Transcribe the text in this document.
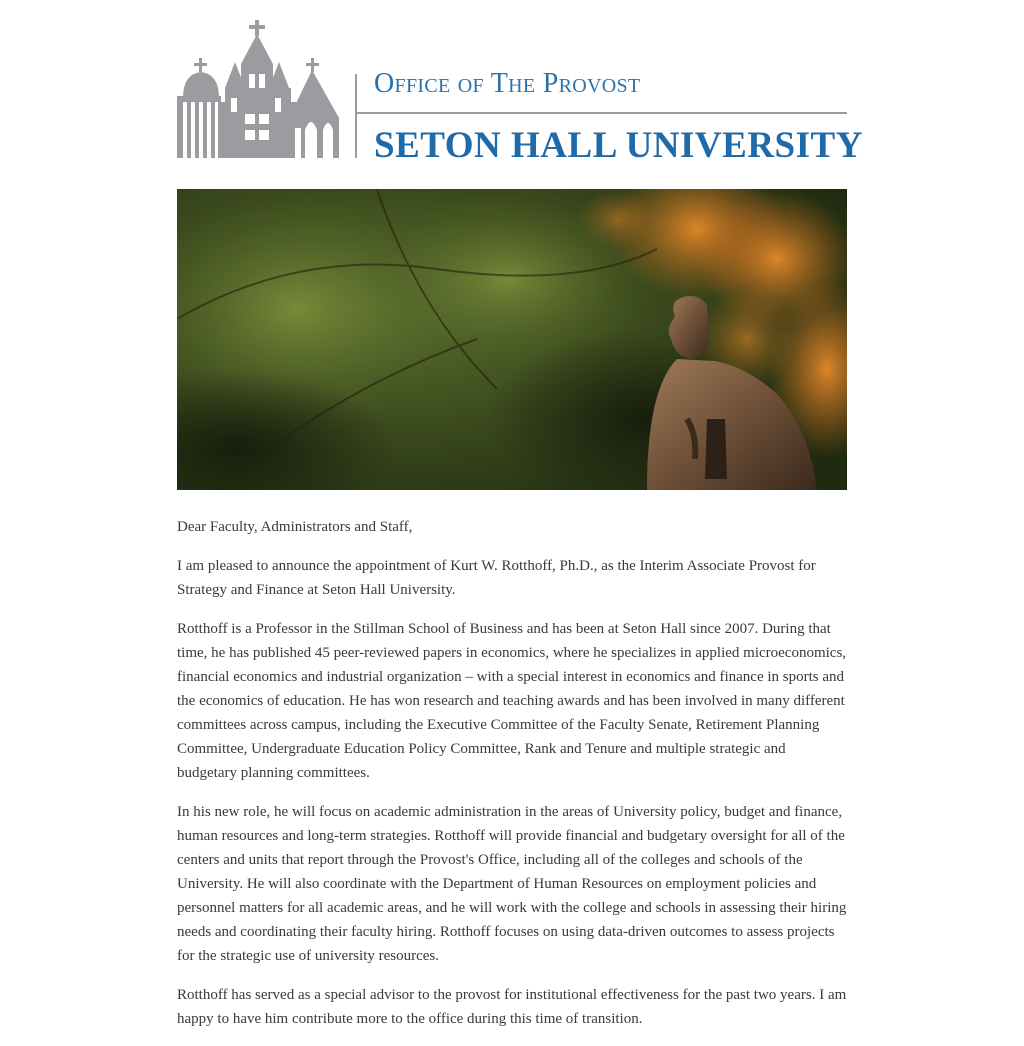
Office of The Provost
SETON HALL UNIVERSITY

Dear Faculty, Administrators and Staff,

I am pleased to announce the appointment of Kurt W. Rotthoff, Ph.D., as the Interim Associate Provost for Strategy and Finance at Seton Hall University.

Rotthoff is a Professor in the Stillman School of Business and has been at Seton Hall since 2007. During that time, he has published 45 peer-reviewed papers in economics, where he specializes in applied microeconomics, financial economics and industrial organization – with a special interest in economics and finance in sports and the economics of education. He has won research and teaching awards and has been involved in many different committees across campus, including the Executive Committee of the Faculty Senate, Retirement Planning Committee, Undergraduate Education Policy Committee, Rank and Tenure and multiple strategic and budgetary planning committees.

In his new role, he will focus on academic administration in the areas of University policy, budget and finance, human resources and long-term strategies. Rotthoff will provide financial and budgetary oversight for all of the centers and units that report through the Provost's Office, including all of the colleges and schools of the University. He will also coordinate with the Department of Human Resources on employment policies and personnel matters for all academic areas, and he will work with the college and schools in assessing their hiring needs and coordinating their faculty hiring. Rotthoff focuses on using data-driven outcomes to assess projects for the strategic use of university resources.

Rotthoff has served as a special advisor to the provost for institutional effectiveness for the past two years. I am happy to have him contribute more to the office during this time of transition.
